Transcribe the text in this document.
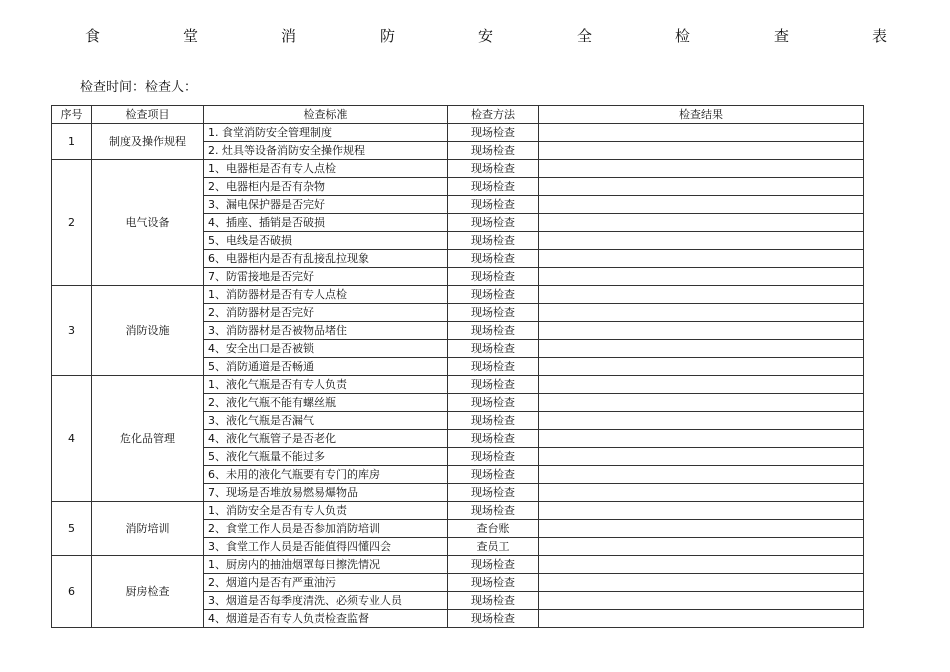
食	堂	消	防	安	全	检	查	表
检查时间：检查人：
序号	检查项目	检查标准	检查方法	检查结果
1	制度及操作规程	1. 食堂消防安全管理制度	现场检查	
		2. 灶具等设备消防安全操作规程	现场检查	
2	电气设备	1、电器柜是否有专人点检	现场检查	
		2、电器柜内是否有杂物	现场检查	
		3、漏电保护器是否完好	现场检查	
		4、插座、插销是否破损	现场检查	
		5、电线是否破损	现场检查	
		6、电器柜内是否有乱接乱拉现象	现场检查	
		7、防雷接地是否完好	现场检查	
3	消防设施	1、消防器材是否有专人点检	现场检查	
		2、消防器材是否完好	现场检查	
		3、消防器材是否被物品堵住	现场检查	
		4、安全出口是否被锁	现场检查	
		5、消防通道是否畅通	现场检查	
4	危化品管理	1、液化气瓶是否有专人负责	现场检查	
		2、液化气瓶不能有螺丝瓶	现场检查	
		3、液化气瓶是否漏气	现场检查	
		4、液化气瓶管子是否老化	现场检查	
		5、液化气瓶量不能过多	现场检查	
		6、未用的液化气瓶要有专门的库房	现场检查	
		7、现场是否堆放易燃易爆物品	现场检查	
5	消防培训	1、消防安全是否有专人负责	现场检查	
		2、食堂工作人员是否参加消防培训	查台账	
		3、食堂工作人员是否能值得四懂四会	查员工	
6	厨房检查	1、厨房内的抽油烟罩每日擦洗情况	现场检查	
		2、烟道内是否有严重油污	现场检查	
		3、烟道是否每季度清洗、必须专业人员	现场检查	
		4、烟道是否有专人负责检查监督	现场检查	
